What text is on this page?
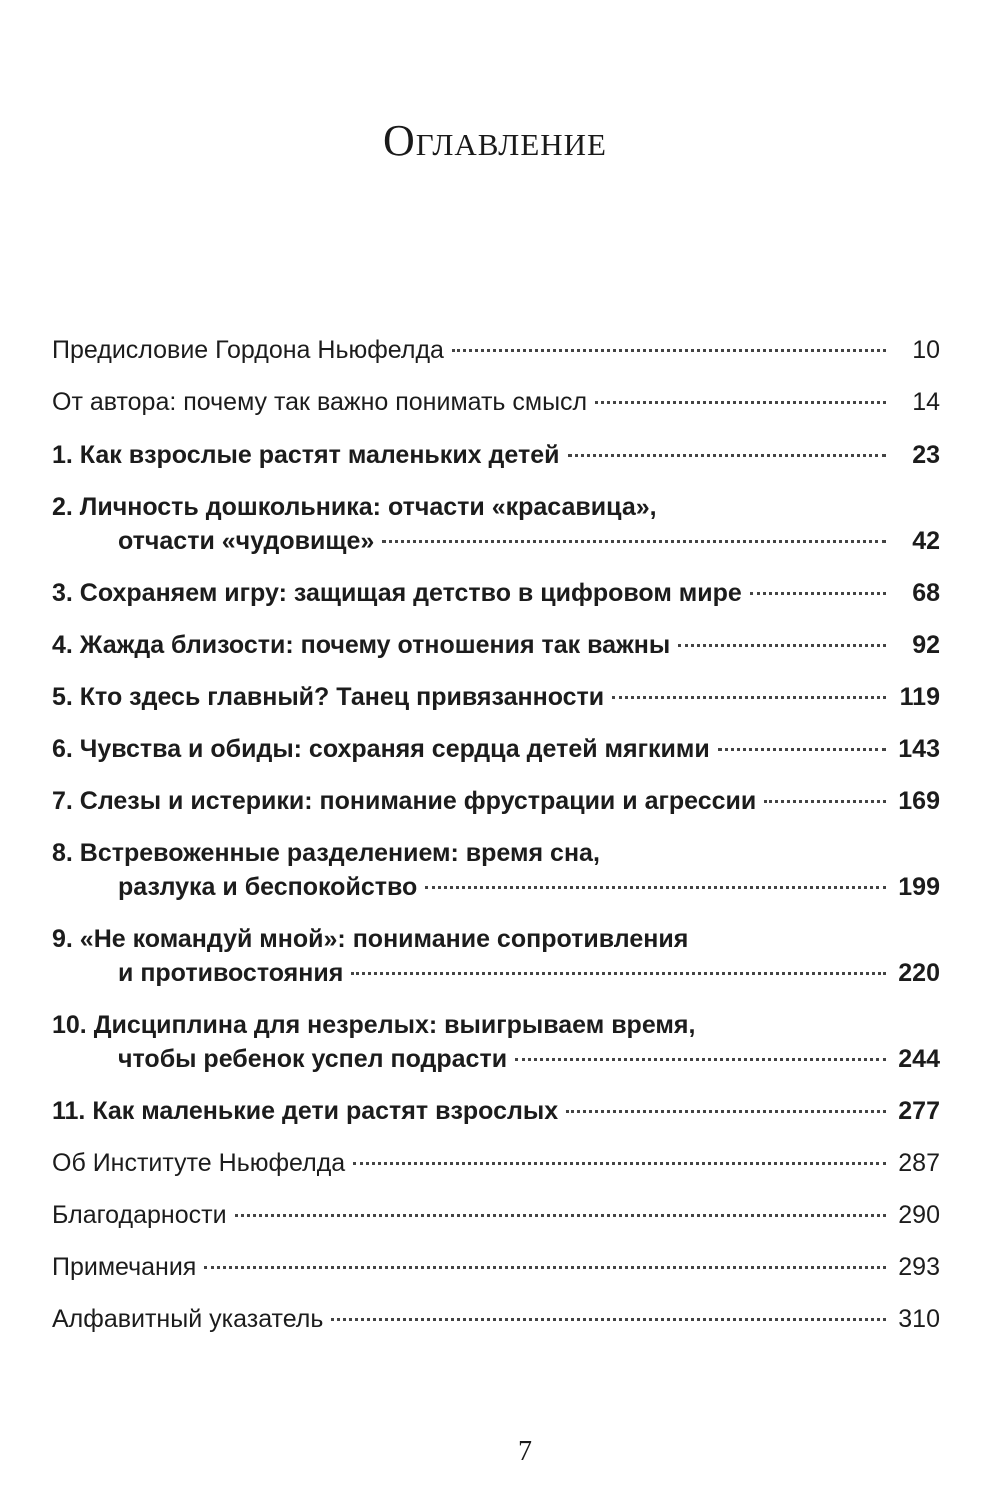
Оглавление
Предисловие Гордона Ньюфелда	10
От автора: почему так важно понимать смысл	14
1. Как взрослые растят маленьких детей	23
2. Личность дошкольника: отчасти «красавица»,
отчасти «чудовище»	42
3. Сохраняем игру: защищая детство в цифровом мире	68
4. Жажда близости: почему отношения так важны	92
5. Кто здесь главный? Танец привязанности	119
6. Чувства и обиды: сохраняя сердца детей мягкими	143
7. Слезы и истерики: понимание фрустрации и агрессии	169
8. Встревоженные разделением: время сна,
разлука и беспокойство	199
9. «Не командуй мной»: понимание сопротивления
и противостояния	220
10. Дисциплина для незрелых: выигрываем время,
чтобы ребенок успел подрасти	244
11. Как маленькие дети растят взрослых	277
Об Институте Ньюфелда	287
Благодарности	290
Примечания	293
Алфавитный указатель	310
7
